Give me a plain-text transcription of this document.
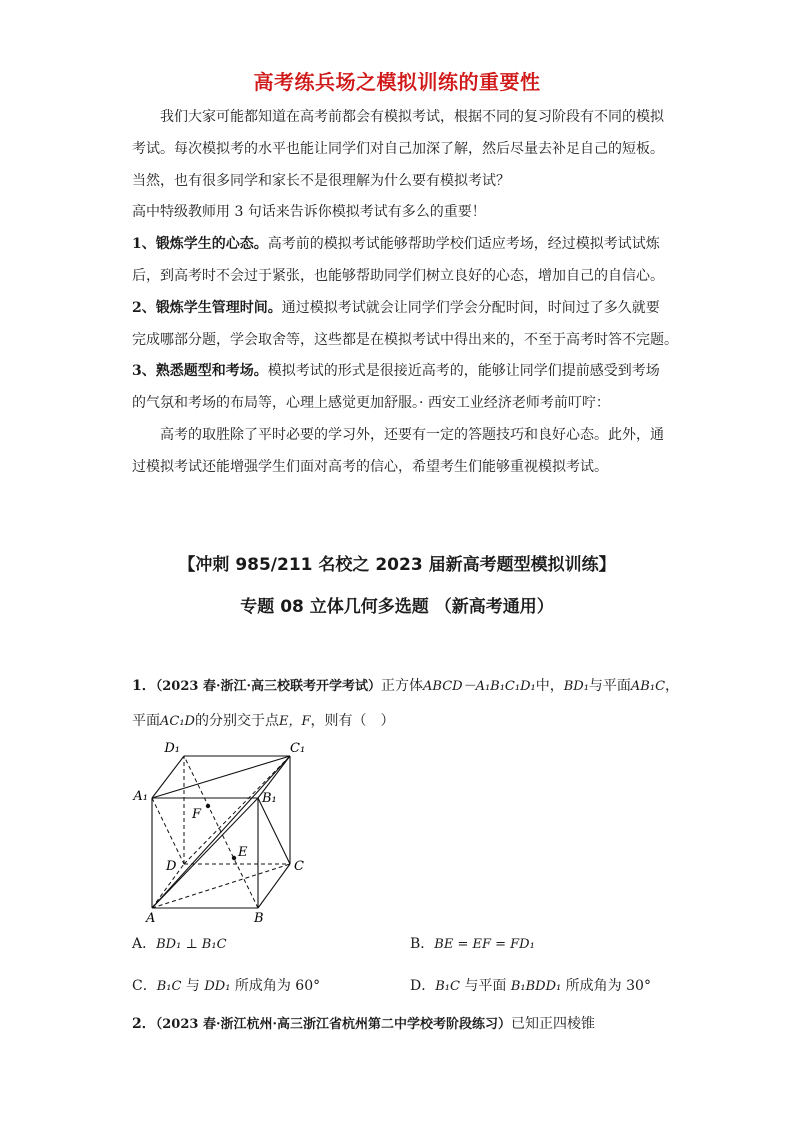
高考练兵场之模拟训练的重要性
我们大家可能都知道在高考前都会有模拟考试，根据不同的复习阶段有不同的模拟
考试。每次模拟考的水平也能让同学们对自己加深了解，然后尽量去补足自己的短板。
当然，也有很多同学和家长不是很理解为什么要有模拟考试？
高中特级教师用 3 句话来告诉你模拟考试有多么的重要！
1、锻炼学生的心态。高考前的模拟考试能够帮助学校们适应考场，经过模拟考试试炼
后，到高考时不会过于紧张，也能够帮助同学们树立良好的心态，增加自己的自信心。
2、锻炼学生管理时间。通过模拟考试就会让同学们学会分配时间，时间过了多久就要
完成哪部分题，学会取舍等，这些都是在模拟考试中得出来的，不至于高考时答不完题。
3、熟悉题型和考场。模拟考试的形式是很接近高考的，能够让同学们提前感受到考场
的气氛和考场的布局等，心理上感觉更加舒服。· 西安工业经济老师考前叮咛：
高考的取胜除了平时必要的学习外，还要有一定的答题技巧和良好心态。此外，通
过模拟考试还能增强学生们面对高考的信心，希望考生们能够重视模拟考试。
【冲刺 985/211 名校之 2023 届新高考题型模拟训练】
专题 08 立体几何多选题 （新高考通用）
1．（2023 春·浙江·高三校联考开学考试）正方体ABCD－A₁B₁C₁D₁中，BD₁与平面AB₁C，
平面AC₁D的分别交于点E，F，则有（　）
D₁	C₁
A₁	B₁
F
E
D	C
A	B
A．BD₁ ⊥ B₁C	B．BE = EF = FD₁
C．B₁C 与 DD₁ 所成角为 60°	D．B₁C 与平面 B₁BDD₁ 所成角为 30°
2．（2023 春·浙江杭州·高三浙江省杭州第二中学校考阶段练习）已知正四棱锥
